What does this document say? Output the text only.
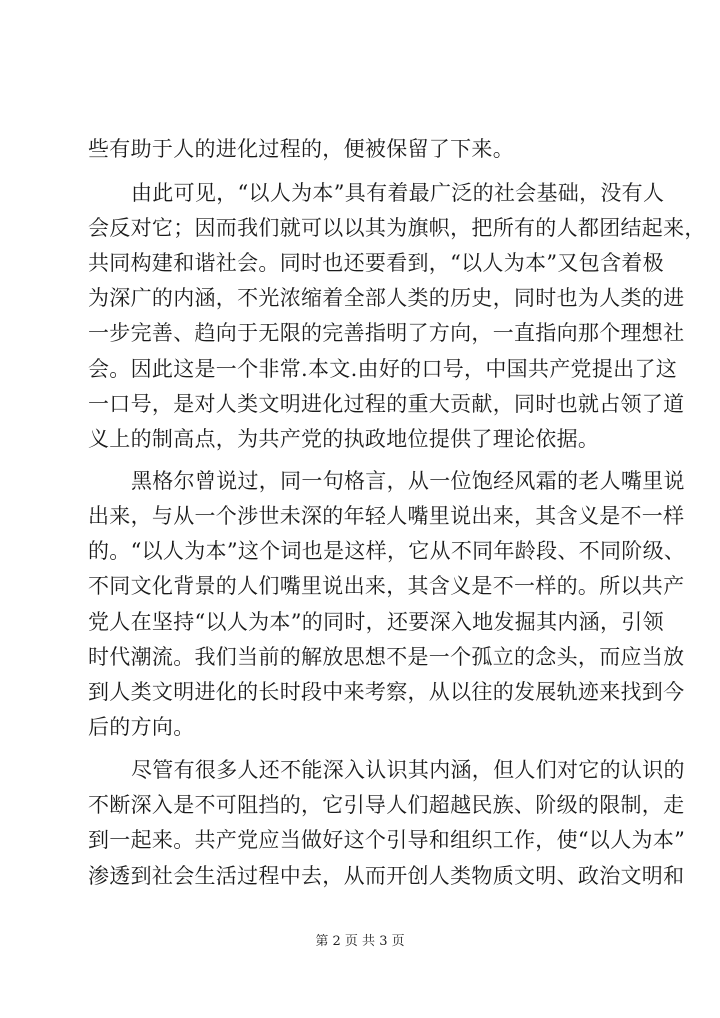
些有助于人的进化过程的，便被保留了下来。
由此可见，“以人为本”具有着最广泛的社会基础，没有人
会反对它；因而我们就可以以其为旗帜，把所有的人都团结起来，
共同构建和谐社会。同时也还要看到，“以人为本”又包含着极
为深广的内涵，不光浓缩着全部人类的历史，同时也为人类的进
一步完善、趋向于无限的完善指明了方向，一直指向那个理想社
会。因此这是一个非常.本文.由好的口号，中国共产党提出了这
一口号，是对人类文明进化过程的重大贡献，同时也就占领了道
义上的制高点，为共产党的执政地位提供了理论依据。
黑格尔曾说过，同一句格言，从一位饱经风霜的老人嘴里说
出来，与从一个涉世未深的年轻人嘴里说出来，其含义是不一样
的。“以人为本”这个词也是这样，它从不同年龄段、不同阶级、
不同文化背景的人们嘴里说出来，其含义是不一样的。所以共产
党人在坚持“以人为本”的同时，还要深入地发掘其内涵，引领
时代潮流。我们当前的解放思想不是一个孤立的念头，而应当放
到人类文明进化的长时段中来考察，从以往的发展轨迹来找到今
后的方向。
尽管有很多人还不能深入认识其内涵，但人们对它的认识的
不断深入是不可阻挡的，它引导人们超越民族、阶级的限制，走
到一起来。共产党应当做好这个引导和组织工作，使“以人为本”
渗透到社会生活过程中去，从而开创人类物质文明、政治文明和
第 2 页 共 3 页
